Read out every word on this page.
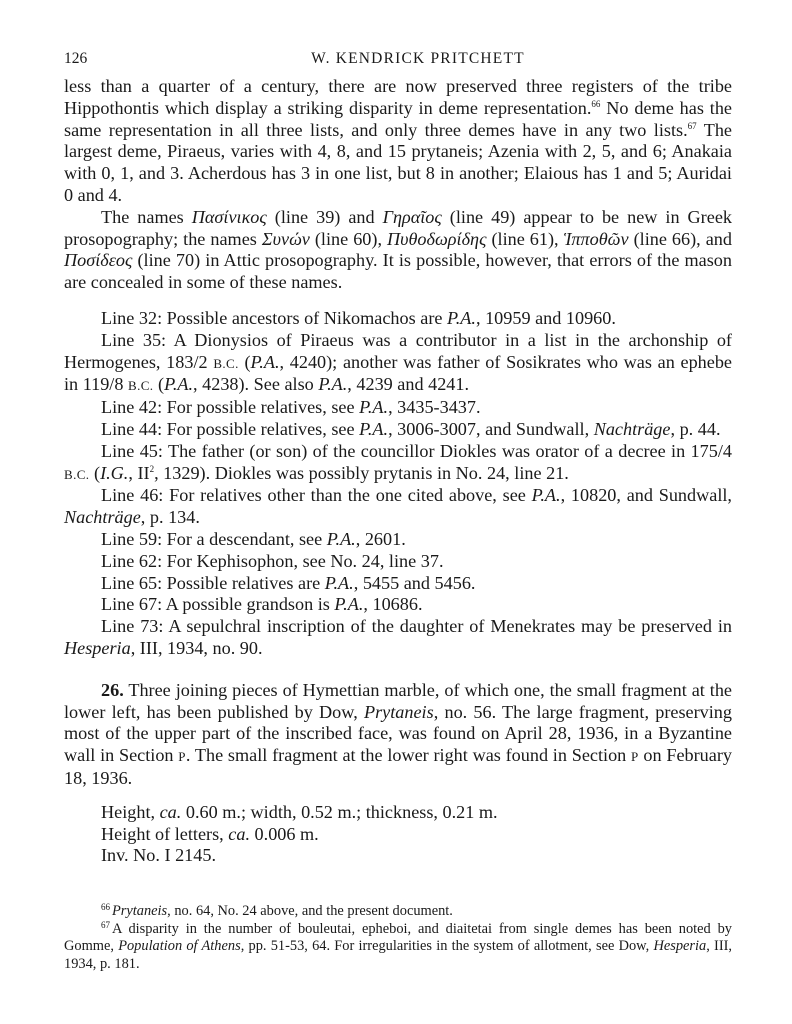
126	W. KENDRICK PRITCHETT

less than a quarter of a century, there are now preserved three registers of the tribe Hippothontis which display a striking disparity in deme representation.$^{66}$ No deme has the same representation in all three lists, and only three demes have in any two lists.$^{67}$ The largest deme, Piraeus, varies with 4, 8, and 15 prytaneis; Azenia with 2, 5, and 6; Anakaia with 0, 1, and 3. Acherdous has 3 in one list, but 8 in another; Elaious has 1 and 5; Auridai 0 and 4.

The names Πασίνικος (line 39) and Γηραῖος (line 49) appear to be new in Greek prosopography; the names Συνών (line 60), Πυθοδωρίδης (line 61), Ἱπποθῶν (line 66), and Ποσίδεος (line 70) in Attic prosopography. It is possible, however, that errors of the mason are concealed in some of these names.

Line 32: Possible ancestors of Nikomachos are P.A., 10959 and 10960.

Line 35: A Dionysios of Piraeus was a contributor in a list in the archonship of Hermogenes, 183/2 B.C. (P.A., 4240); another was father of Sosikrates who was an ephebe in 119/8 B.C. (P.A., 4238). See also P.A., 4239 and 4241.

Line 42: For possible relatives, see P.A., 3435-3437.

Line 44: For possible relatives, see P.A., 3006-3007, and Sundwall, Nachträge, p. 44.

Line 45: The father (or son) of the councillor Diokles was orator of a decree in 175/4 B.C. (I.G., $II^2$, 1329). Diokles was possibly prytanis in No. 24, line 21.

Line 46: For relatives other than the one cited above, see P.A., 10820, and Sundwall, Nachträge, p. 134.

Line 59: For a descendant, see P.A., 2601.

Line 62: For Kephisophon, see No. 24, line 37.

Line 65: Possible relatives are P.A., 5455 and 5456.

Line 67: A possible grandson is P.A., 10686.

Line 73: A sepulchral inscription of the daughter of Menekrates may be preserved in Hesperia, III, 1934, no. 90.

26. Three joining pieces of Hymettian marble, of which one, the small fragment at the lower left, has been published by Dow, Prytaneis, no. 56. The large fragment, preserving most of the upper part of the inscribed face, was found on April 28, 1936, in a Byzantine wall in Section P. The small fragment at the lower right was found in Section P on February 18, 1936.

Height, ca. 0.60 m.; width, 0.52 m.; thickness, 0.21 m.

Height of letters, ca. 0.006 m.

Inv. No. I 2145.

$^{66}$ Prytaneis, no. 64, No. 24 above, and the present document.

$^{67}$ A disparity in the number of bouleutai, epheboi, and diaitetai from single demes has been noted by Gomme, Population of Athens, pp. 51-53, 64. For irregularities in the system of allotment, see Dow, Hesperia, III, 1934, p. 181.
